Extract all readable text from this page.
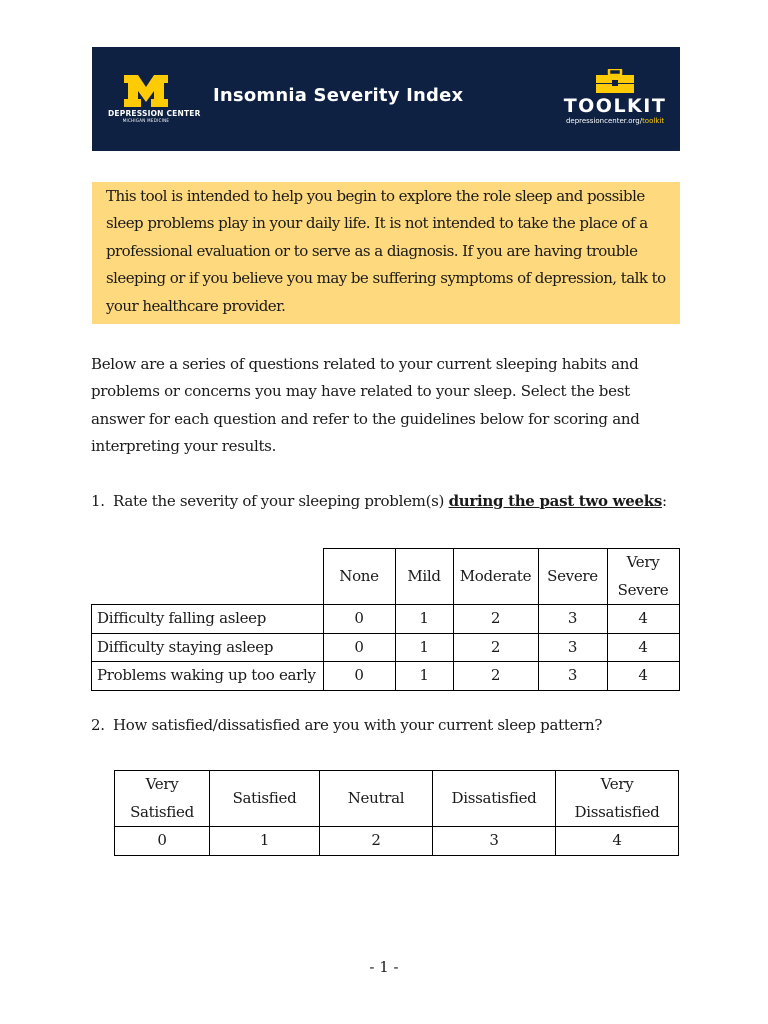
DEPRESSION CENTER
MICHIGAN MEDICINE
Insomnia Severity Index	TOOLKIT
depressioncenter.org/toolkit

This tool is intended to help you begin to explore the role sleep and possible sleep problems play in your daily life. It is not intended to take the place of a professional evaluation or to serve as a diagnosis. If you are having trouble sleeping or if you believe you may be suffering symptoms of depression, talk to your healthcare provider.

Below are a series of questions related to your current sleeping habits and problems or concerns you may have related to your sleep. Select the best answer for each question and refer to the guidelines below for scoring and interpreting your results.

1. Rate the severity of your sleeping problem(s) during the past two weeks:

	None	Mild	Moderate	Severe	Very Severe
Difficulty falling asleep	0	1	2	3	4
Difficulty staying asleep	0	1	2	3	4
Problems waking up too early	0	1	2	3	4

2. How satisfied/dissatisfied are you with your current sleep pattern?

Very Satisfied	Satisfied	Neutral	Dissatisfied	Very Dissatisfied
0	1	2	3	4
- 1 -
